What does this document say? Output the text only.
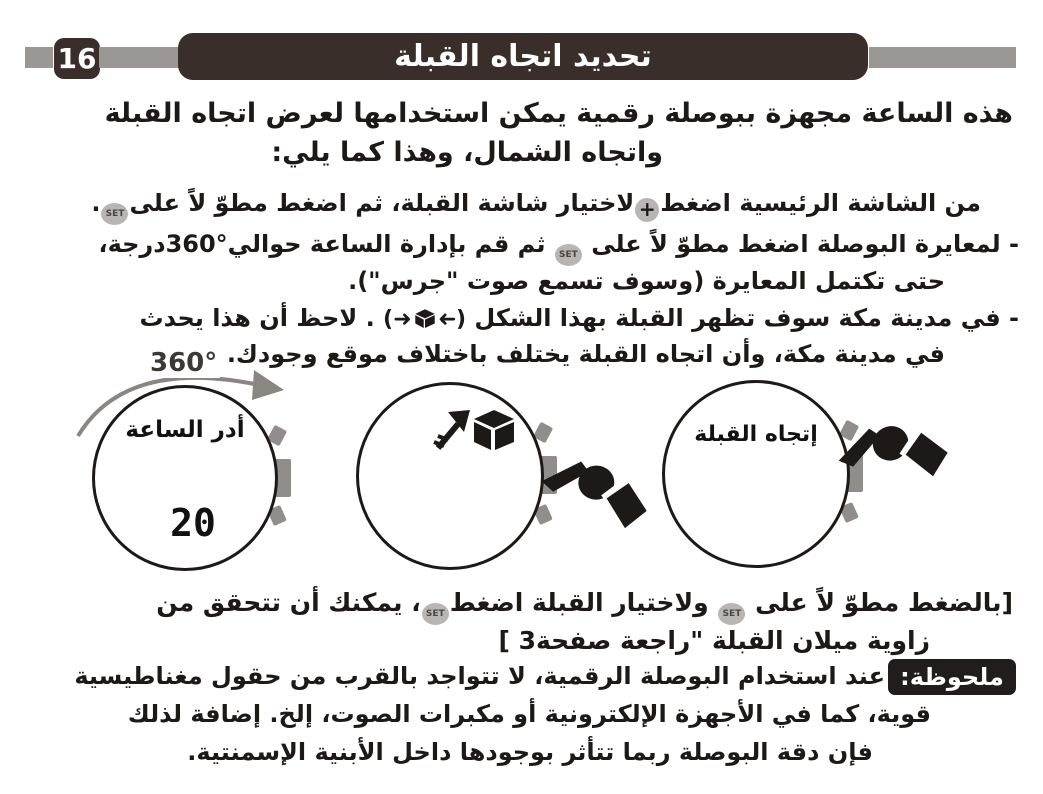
16	تحديد اتجاه القبلة
هذه الساعة مجهزة ببوصلة رقمية يمكن استخدامها لعرض اتجاه القبلة
واتجاه الشمال، وهذا كما يلي:
من الشاشة الرئيسية اضغط+لاختيار شاشة القبلة، ثم اضغط مطوّ لاً علىSET.
- لمعايرة البوصلة اضغط مطوّ لاً على SET ثم قم بإدارة الساعة حوالي360°درجة،
حتى تكتمل المعايرة (وسوف تسمع صوت "جرس").
- في مدينة مكة سوف تظهر القبلة بهذا الشكل (➜ ➜) . لاحظ أن هذا يحدث
في مدينة مكة، وأن اتجاه القبلة يختلف باختلاف موقع وجودك.
360°
أدر الساعة
20
إتجاه القبلة
[بالضغط مطوّ لاً على SET ولاختيار القبلة اضغطSET، يمكنك أن تتحقق من
زاوية ميلان القبلة "راجعة صفحة3 ]
ملحوظة:
عند استخدام البوصلة الرقمية، لا تتواجد بالقرب من حقول مغناطيسية
قوية، كما في الأجهزة الإلكترونية أو مكبرات الصوت، إلخ. إضافة لذلك
فإن دقة البوصلة ربما تتأثر بوجودها داخل الأبنية الإسمنتية.
